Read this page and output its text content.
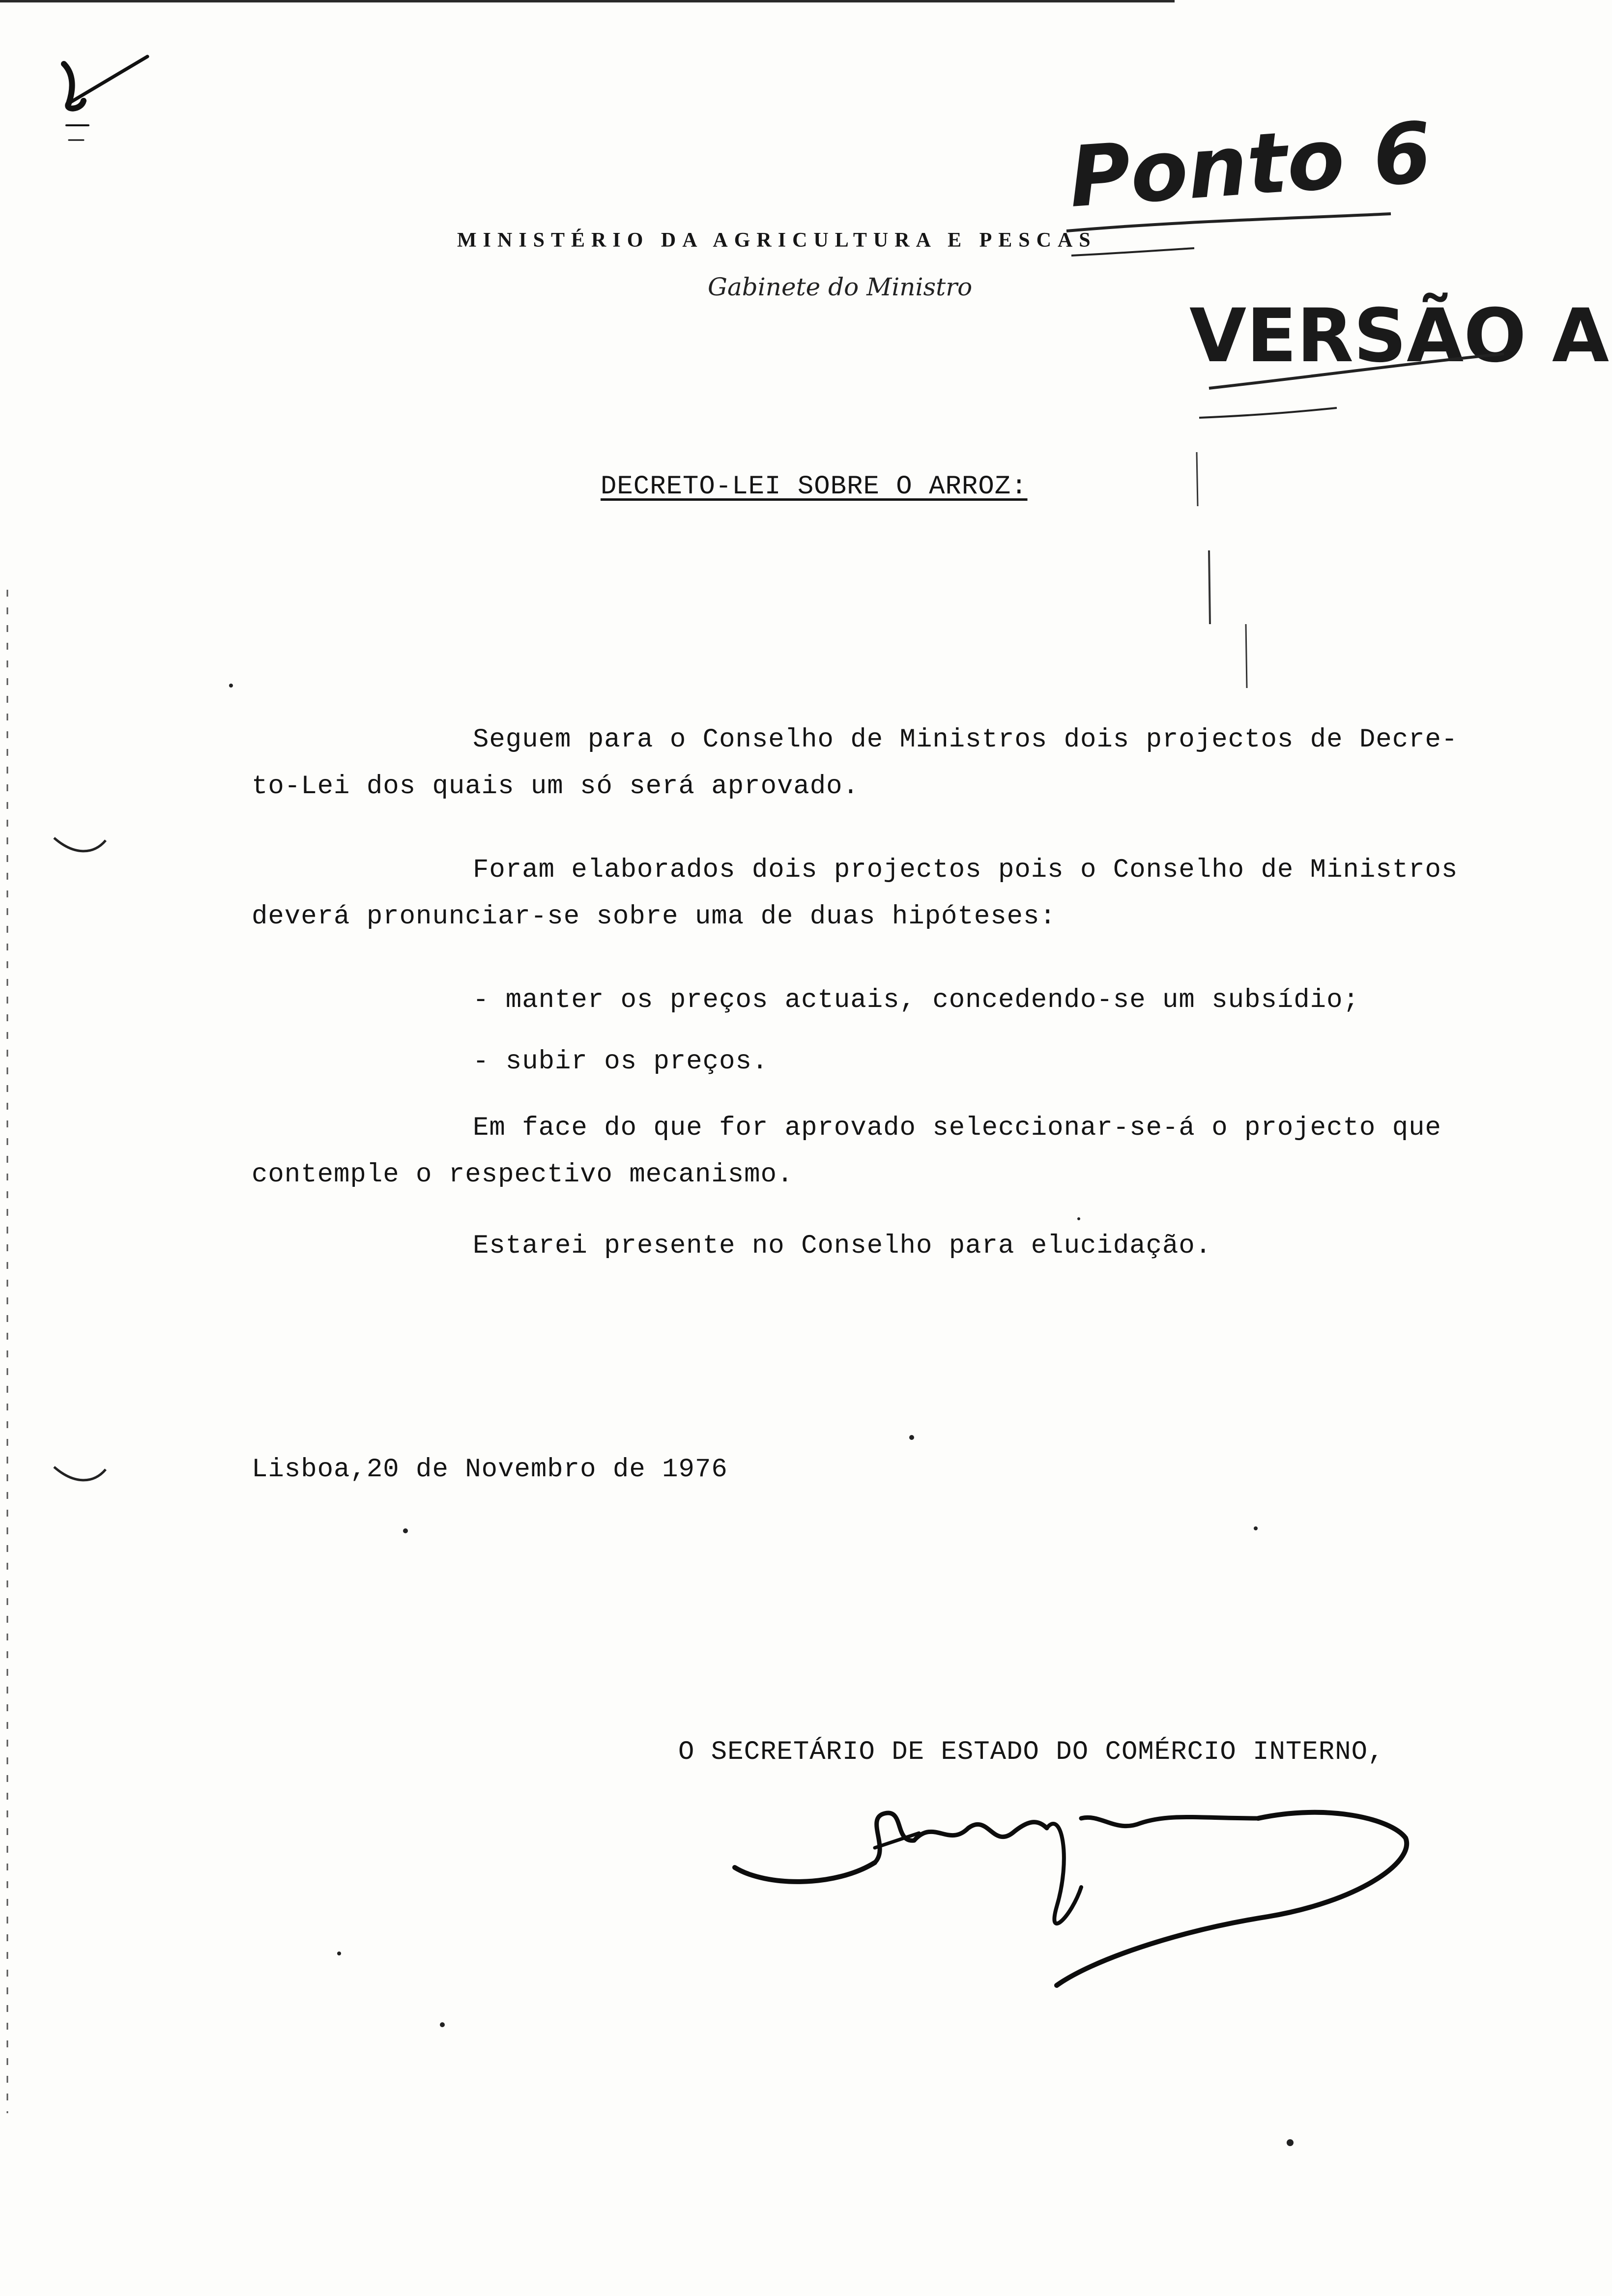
Ponto 6
VERSÃO A
MINISTÉRIO DA AGRICULTURA E PESCAS
Gabinete do Ministro
DECRETO-LEI SOBRE O ARROZ:
Seguem para o Conselho de Ministros dois projectos de Decre-
to-Lei dos quais um só será aprovado.
Foram elaborados dois projectos pois o Conselho de Ministros
deverá pronunciar-se sobre uma de duas hipóteses:
- manter os preços actuais, concedendo-se um subsídio;
- subir os preços.
Em face do que for aprovado seleccionar-se-á o projecto que
contemple o respectivo mecanismo.
Estarei presente no Conselho para elucidação.
Lisboa,20 de Novembro de 1976
O SECRETÁRIO DE ESTADO DO COMÉRCIO INTERNO,
